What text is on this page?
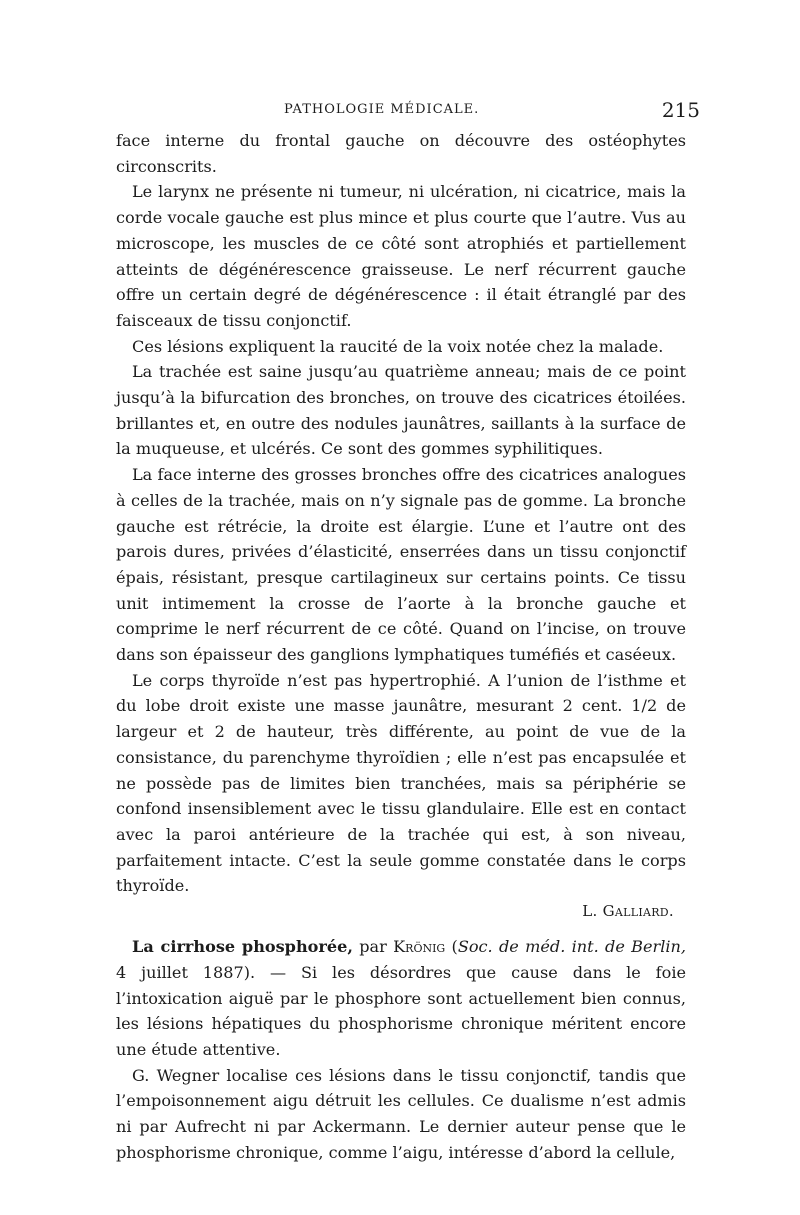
PATHOLOGIE MÉDICALE.	215

face interne du frontal gauche on découvre des ostéophytes circonscrits.

Le larynx ne présente ni tumeur, ni ulcération, ni cicatrice, mais la corde vocale gauche est plus mince et plus courte que l’autre. Vus au microscope, les muscles de ce côté sont atrophiés et partiellement atteints de dégénérescence graisseuse. Le nerf récurrent gauche offre un certain degré de dégénérescence : il était étranglé par des faisceaux de tissu conjonctif.

Ces lésions expliquent la raucité de la voix notée chez la malade.

La trachée est saine jusqu’au quatrième anneau; mais de ce point jusqu’à la bifurcation des bronches, on trouve des cicatrices étoilées. brillantes et, en outre des nodules jaunâtres, saillants à la surface de la muqueuse, et ulcérés. Ce sont des gommes syphilitiques.

La face interne des grosses bronches offre des cicatrices analogues à celles de la trachée, mais on n’y signale pas de gomme. La bronche gauche est rétrécie, la droite est élargie. L’une et l’autre ont des parois dures, privées d’élasticité, enserrées dans un tissu conjonctif épais, résistant, presque cartilagineux sur certains points. Ce tissu unit intimement la crosse de l’aorte à la bronche gauche et comprime le nerf récurrent de ce côté. Quand on l’incise, on trouve dans son épaisseur des ganglions lymphatiques tuméfiés et caséeux.

Le corps thyroïde n’est pas hypertrophié. A l’union de l’isthme et du lobe droit existe une masse jaunâtre, mesurant 2 cent. 1/2 de largeur et 2 de hauteur, très différente, au point de vue de la consistance, du parenchyme thyroïdien ; elle n’est pas encapsulée et ne possède pas de limites bien tranchées, mais sa périphérie se confond insensiblement avec le tissu glandulaire. Elle est en contact avec la paroi antérieure de la trachée qui est, à son niveau, parfaitement intacte. C’est la seule gomme constatée dans le corps thyroïde.

L. Galliard.

La cirrhose phosphorée, par Krönig (Soc. de méd. int. de Berlin, 4 juillet 1887). — Si les désordres que cause dans le foie l’intoxication aiguë par le phosphore sont actuellement bien connus, les lésions hépatiques du phosphorisme chronique méritent encore une étude attentive.

G. Wegner localise ces lésions dans le tissu conjonctif, tandis que l’empoisonnement aigu détruit les cellules. Ce dualisme n’est admis ni par Aufrecht ni par Ackermann. Le dernier auteur pense que le phosphorisme chronique, comme l’aigu, intéresse d’abord la cellule,
